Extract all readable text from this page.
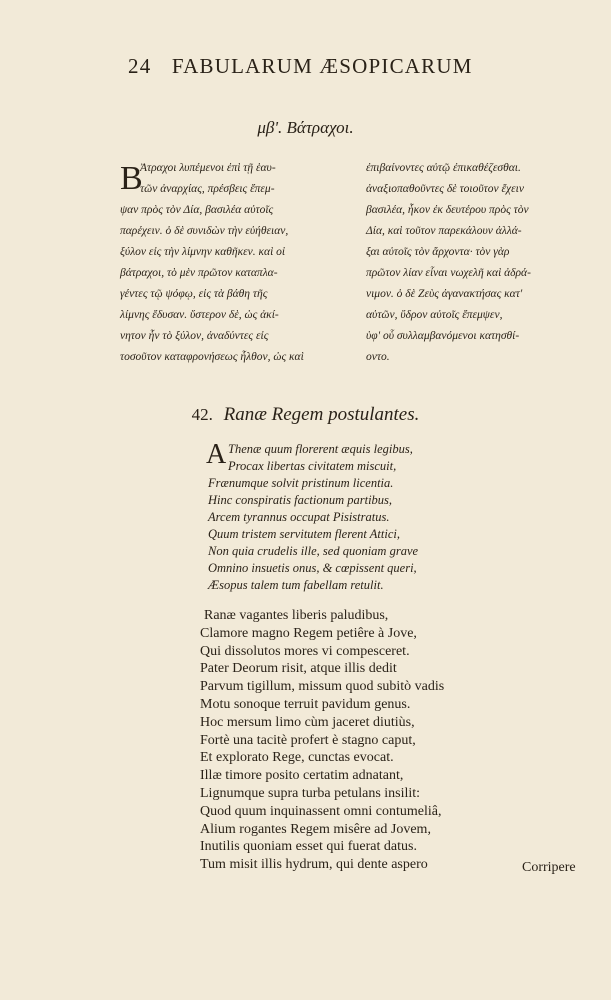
24 FABULARUM ÆSOPICARUM
μβʹ. Βάτραχοι.
B
Ἀτραχοι λυπέμενοι ἐπὶ τῇ ἑαυ-
τῶν ἀναρχίας, πρέσβεις ἔπεμ-
ψαν πρὸς τὸν Δία, βασιλέα αὐτοῖς
παρέχειν. ὁ δὲ συνιδὼν τὴν εὐήθειαν,
ξύλον εἰς τὴν λίμνην καθῆκεν. καὶ οἱ
βάτραχοι, τὸ μὲν πρῶτον καταπλα-
γέντες τῷ ψόφῳ, εἰς τὰ βάθη τῆς
λίμνης ἔδυσαν. ὕστερον δὲ, ὡς ἀκί-
νητον ἦν τὸ ξύλον, ἀναδύντες εἰς
τοσοῦτον καταφρονήσεως ἦλθον, ὡς καὶ
ἐπιβαίνοντες αὐτῷ ἐπικαθέζεσθαι.
ἀναξιοπαθοῦντες δὲ τοιοῦτον ἔχειν
βασιλέα, ἧκον ἐκ δευτέρου πρὸς τὸν
Δία, καὶ τοῦτον παρεκάλουν ἀλλά-
ξαι αὐτοῖς τὸν ἄρχοντα· τὸν γὰρ
πρῶτον λίαν εἶναι νωχελῆ καὶ ἀδρά-
νιμον. ὁ δὲ Ζεὺς ἀγανακτήσας κατ'
αὐτῶν, ὕδρον αὐτοῖς ἔπεμψεν,
ὑφ' οὗ συλλαμβανόμενοι κατησθί-
οντο.
42. Ranæ Regem postulantes.
A Thenæ quum florerent æquis legibus,
Procax libertas civitatem miscuit,
Frænumque solvit pristinum licentia.
Hinc conspiratis factionum partibus,
Arcem tyrannus occupat Pisistratus.
Quum tristem servitutem flerent Attici,
Non quia crudelis ille, sed quoniam grave
Omnino insuetis onus, & cœpissent queri,
Æsopus talem tum fabellam retulit.
Ranæ vagantes liberis paludibus,
Clamore magno Regem petiêre à Jove,
Qui dissolutos mores vi compesceret.
Pater Deorum risit, atque illis dedit
Parvum tigillum, missum quod subitò vadis
Motu sonoque terruit pavidum genus.
Hoc mersum limo cùm jaceret diutiùs,
Fortè una tacitè profert è stagno caput,
Et explorato Rege, cunctas evocat.
Illæ timore posito certatim adnatant,
Lignumque supra turba petulans insilit:
Quod quum inquinassent omni contumeliâ,
Alium rogantes Regem misêre ad Jovem,
Inutilis quoniam esset qui fuerat datus.
Tum misit illis hydrum, qui dente aspero	Corripere
